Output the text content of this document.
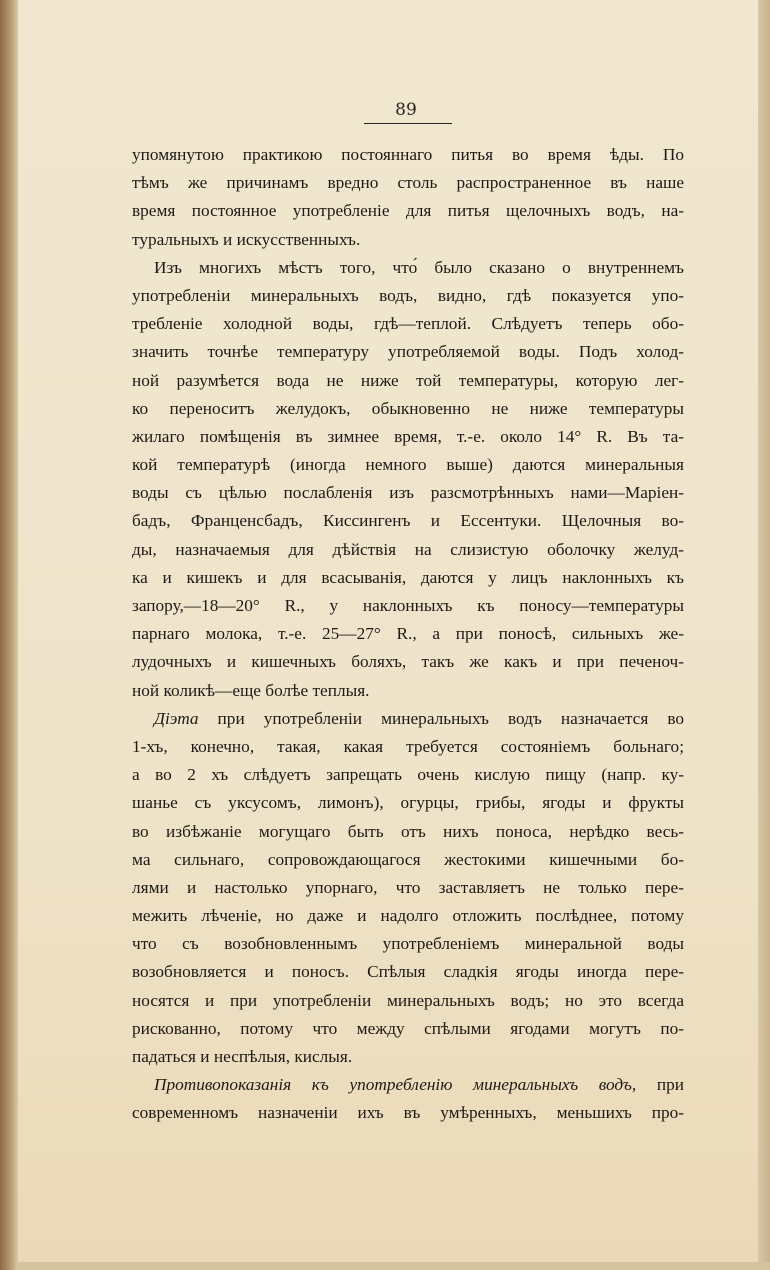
89
упомянутою практикою постояннаго питья во время ѣды. По
тѣмъ же причинамъ вредно столь распространенное въ наше
время постоянное употребленіе для питья щелочныхъ водъ, на-
туральныхъ и искусственныхъ.
Изъ многихъ мѣстъ того, что́ было сказано о внутреннемъ
употребленіи минеральныхъ водъ, видно, гдѣ показуется упо-
требленіе холодной воды, гдѣ—теплой. Слѣдуетъ теперь обо-
значить точнѣе температуру употребляемой воды. Подъ холод-
ной разумѣется вода не ниже той температуры, которую лег-
ко переноситъ желудокъ, обыкновенно не ниже температуры
жилаго помѣщенія въ зимнее время, т.-е. около 14° R. Въ та-
кой температурѣ (иногда немного выше) даются минеральныя
воды съ цѣлью послабленія изъ разсмотрѣнныхъ нами—Маріен-
бадъ, Франценсбадъ, Киссингенъ и Ессентуки. Щелочныя во-
ды, назначаемыя для дѣйствія на слизистую оболочку желуд-
ка и кишекъ и для всасыванія, даются у лицъ наклонныхъ къ
запору,—18—20° R., у наклонныхъ къ поносу—температуры
парнаго молока, т.-е. 25—27° R., а при поносѣ, сильныхъ же-
лудочныхъ и кишечныхъ боляхъ, такъ же какъ и при печеноч-
ной коликѣ—еще болѣе теплыя.
Діэта при употребленіи минеральныхъ водъ назначается во
1-хъ, конечно, такая, какая требуется состояніемъ больнаго;
а во 2 хъ слѣдуетъ запрещать очень кислую пищу (напр. ку-
шанье съ уксусомъ, лимонъ), огурцы, грибы, ягоды и фрукты
во избѣжаніе могущаго быть отъ нихъ поноса, нерѣдко весь-
ма сильнаго, сопровождающагося жестокими кишечными бо-
лями и настолько упорнаго, что заставляетъ не только пере-
межить лѣченіе, но даже и надолго отложить послѣднее, потому
что съ возобновленнымъ употребленіемъ минеральной воды
возобновляется и поносъ. Спѣлыя сладкія ягоды иногда пере-
носятся и при употребленіи минеральныхъ водъ; но это всегда
рискованно, потому что между спѣлыми ягодами могутъ по-
падаться и неспѣлыя, кислыя.
Противопоказанія къ употребленію минеральныхъ водъ, при
современномъ назначеніи ихъ въ умѣренныхъ, меньшихъ про-
